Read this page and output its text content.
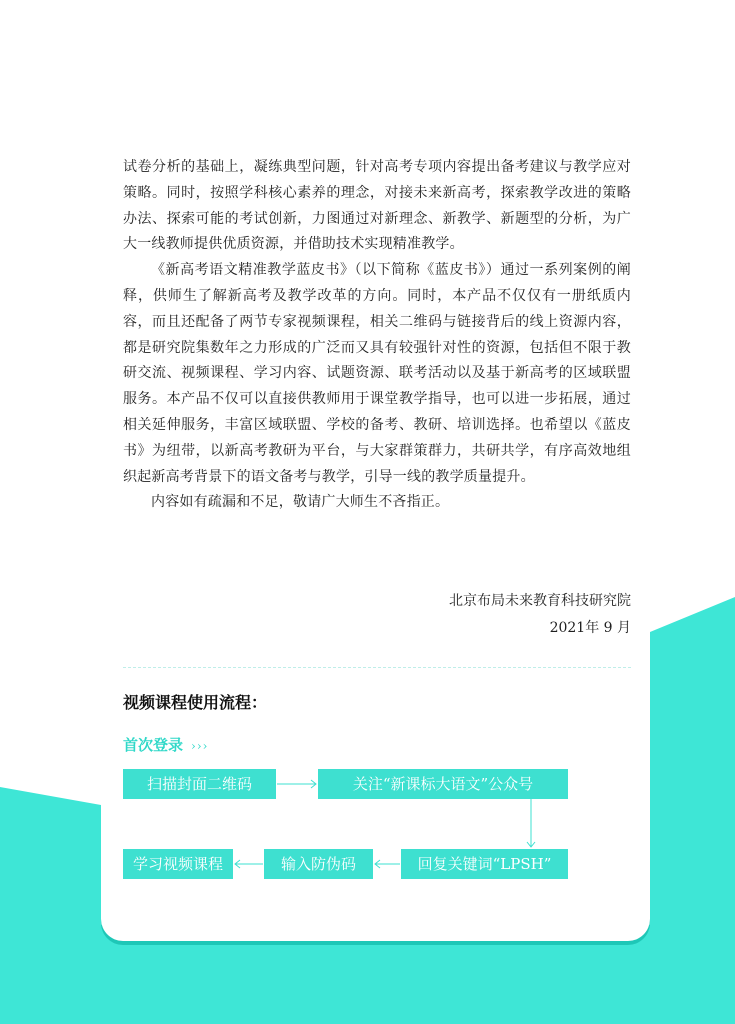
试卷分析的基础上，凝练典型问题，针对高考专项内容提出备考建议与教学应对策略。同时，按照学科核心素养的理念，对接未来新高考，探索教学改进的策略办法、探索可能的考试创新，力图通过对新理念、新教学、新题型的分析，为广大一线教师提供优质资源，并借助技术实现精准教学。

《新高考语文精准教学蓝皮书》（以下简称《蓝皮书》）通过一系列案例的阐释，供师生了解新高考及教学改革的方向。同时，本产品不仅仅有一册纸质内容，而且还配备了两节专家视频课程，相关二维码与链接背后的线上资源内容，都是研究院集数年之力形成的广泛而又具有较强针对性的资源，包括但不限于教研交流、视频课程、学习内容、试题资源、联考活动以及基于新高考的区域联盟服务。本产品不仅可以直接供教师用于课堂教学指导，也可以进一步拓展，通过相关延伸服务，丰富区域联盟、学校的备考、教研、培训选择。也希望以《蓝皮书》为纽带，以新高考教研为平台，与大家群策群力，共研共学，有序高效地组织起新高考背景下的语文备考与教学，引导一线的教学质量提升。

内容如有疏漏和不足，敬请广大师生不吝指正。

北京布局未来教育科技研究院
2021年 9 月
视频课程使用流程：
首次登录 ›››
扫描封面二维码	关注“新课标大语文”公众号
回复关键词“LPSH”
输入防伪码
学习视频课程
